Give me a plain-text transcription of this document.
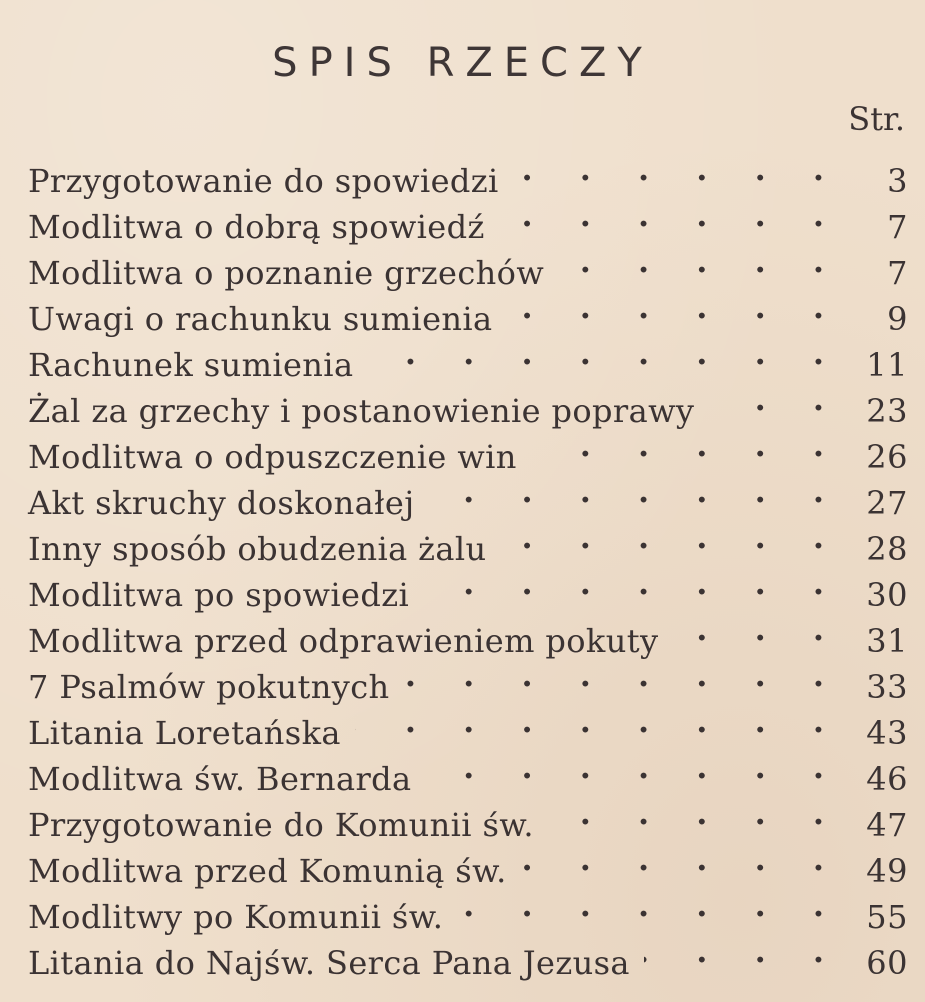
SPIS RZECZY
Str.
Przygotowanie do spowiedzi . . .	3
Modlitwa o dobrą spowiedź . . .	7
Modlitwa o poznanie grzechów . . .	7
Uwagi o rachunku sumienia . . .	9
Rachunek sumienia . . .	11
Żal za grzechy i postanowienie poprawy . . .	23
Modlitwa o odpuszczenie win . . .	26
Akt skruchy doskonałej . . .	27
Inny sposób obudzenia żalu . . .	28
Modlitwa po spowiedzi . . .	30
Modlitwa przed odprawieniem pokuty . . .	31
7 Psalmów pokutnych . . .	33
Litania Loretańska . . .	43
Modlitwa św. Bernarda . . .	46
Przygotowanie do Komunii św. . . .	47
Modlitwa przed Komunią św. . . .	49
Modlitwy po Komunii św. . . .	55
Litania do Najśw. Serca Pana Jezusa . . .	60
